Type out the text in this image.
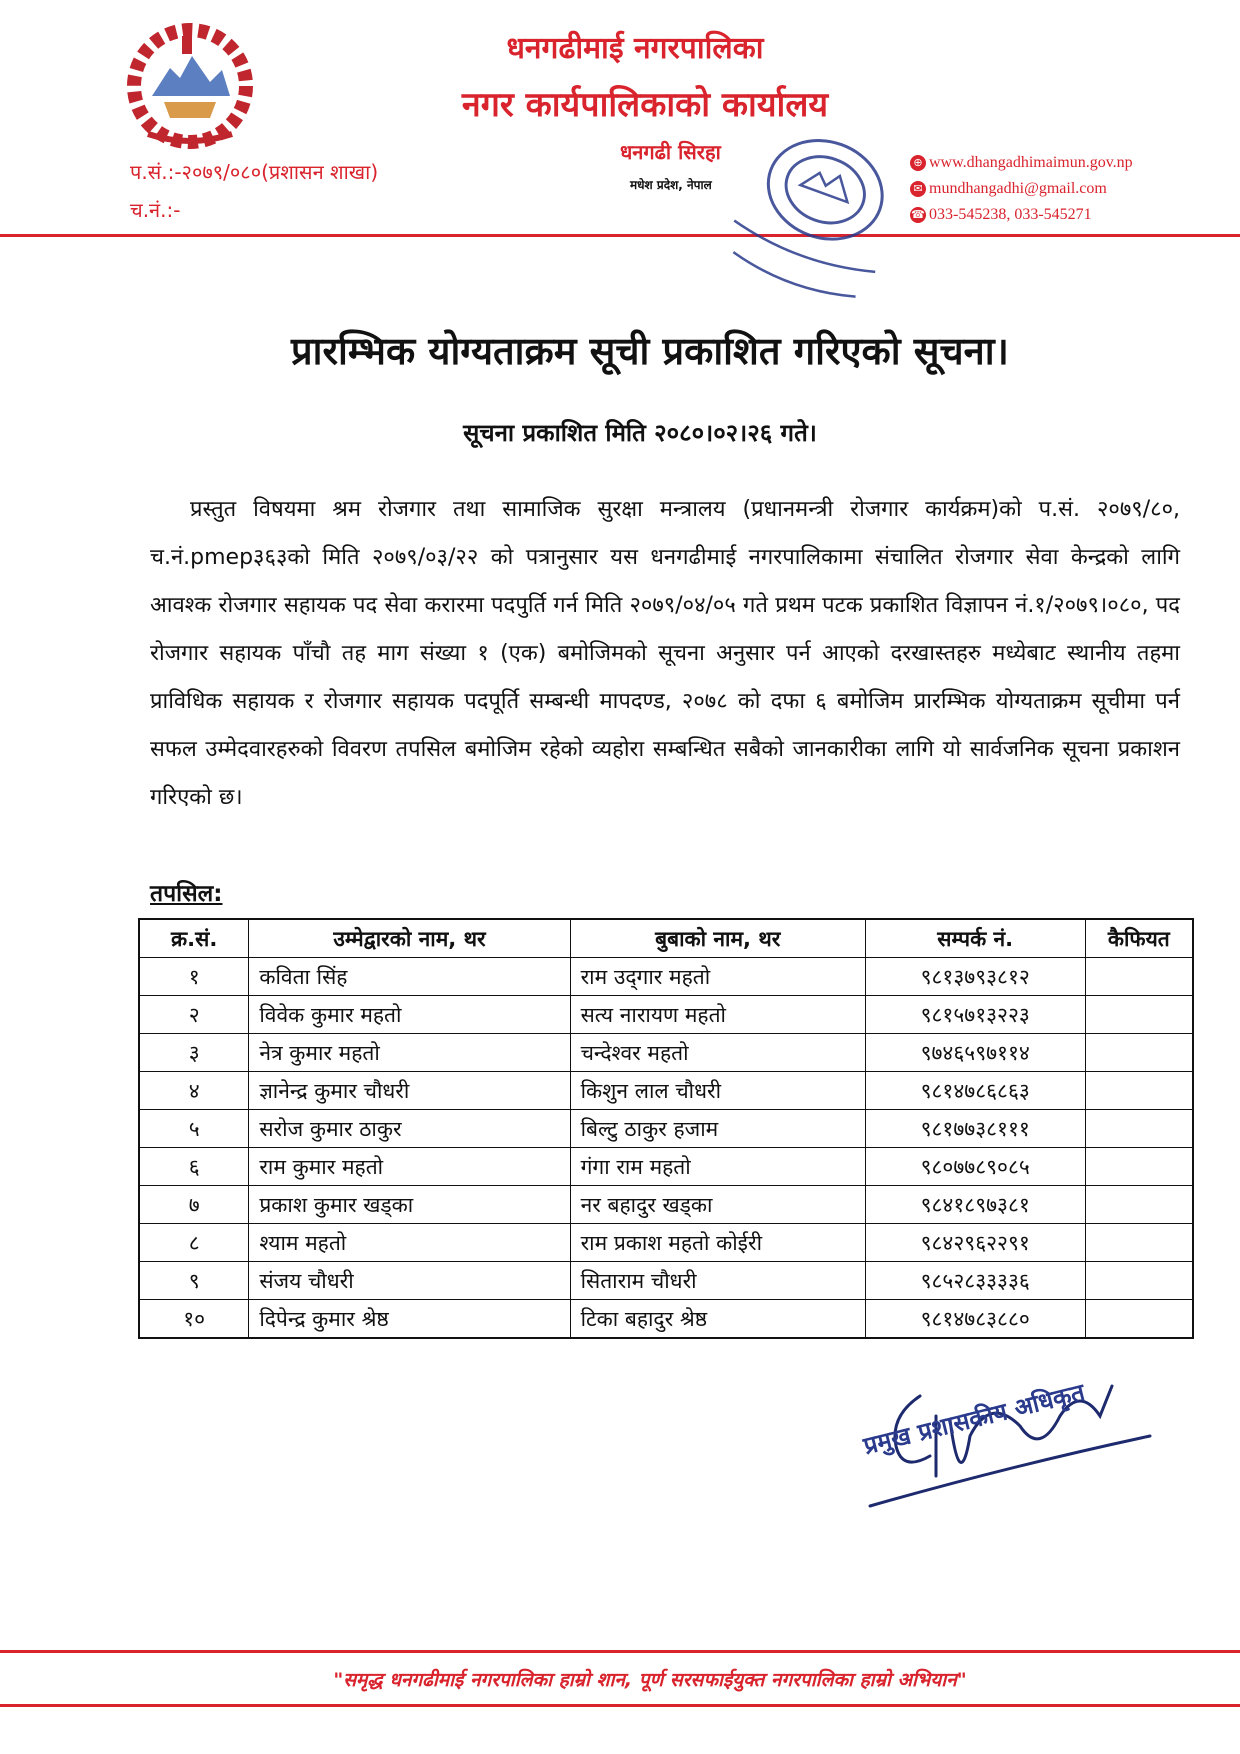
धनगढीमाई नगरपालिका
नगर कार्यपालिकाको कार्यालय
प.सं.:-२०७९/०८०(प्रशासन शाखा)
च.नं.:-
धनगढी सिरहा
मधेश प्रदेश, नेपाल
⊕ www.dhangadhimaimun.gov.np
✉ mundhangadhi@gmail.com
☎ 033-545238, 033-545271
प्रारम्भिक योग्यताक्रम सूची प्रकाशित गरिएको सूचना।
सूचना प्रकाशित मिति २०८०।०२।२६ गते।
प्रस्तुत विषयमा श्रम रोजगार तथा सामाजिक सुरक्षा मन्त्रालय (प्रधानमन्त्री रोजगार कार्यक्रम)को प.सं. २०७९/८०, च.नं.pmep३६३को मिति २०७९/०३/२२ को पत्रानुसार यस धनगढीमाई नगरपालिकामा संचालित रोजगार सेवा केन्द्रको लागि आवश्क रोजगार सहायक पद सेवा करारमा पदपुर्ति गर्न मिति २०७९/०४/०५ गते प्रथम पटक प्रकाशित विज्ञापन नं.१/२०७९।०८०, पद रोजगार सहायक पाँचौ तह माग संख्या १ (एक) बमोजिमको सूचना अनुसार पर्न आएको दरखास्तहरु मध्येबाट स्थानीय तहमा प्राविधिक सहायक र रोजगार सहायक पदपूर्ति सम्बन्धी मापदण्ड, २०७८ को दफा ६ बमोजिम प्रारम्भिक योग्यताक्रम सूचीमा पर्न सफल उम्मेदवारहरुको विवरण तपसिल बमोजिम रहेको व्यहोरा सम्बन्धित सबैको जानकारीका लागि यो सार्वजनिक सूचना प्रकाशन गरिएको छ।
तपसिल:
क्र.सं.	उम्मेद्वारको नाम, थर	बुबाको नाम, थर	सम्पर्क नं.	कैफियत
१	कविता सिंह	राम उद्‌गार महतो	९८१३७९३८१२	
२	विवेक कुमार महतो	सत्य नारायण महतो	९८१५७१३२२३	
३	नेत्र कुमार महतो	चन्देश्वर महतो	९७४६५९७११४	
४	ज्ञानेन्द्र कुमार चौधरी	किशुन लाल चौधरी	९८१४७८६८६३	
५	सरोज कुमार ठाकुर	बिल्टु ठाकुर हजाम	९८१७७३८१११	
६	राम कुमार महतो	गंगा राम महतो	९८०७७८९०८५	
७	प्रकाश कुमार खड्का	नर बहादुर खड्का	९८४१८९७३८१	
८	श्याम महतो	राम प्रकाश महतो कोईरी	९८४२९६२२९१	
९	संजय चौधरी	सिताराम चौधरी	९८५२८३३३३६	
१०	दिपेन्द्र कुमार श्रेष्ठ	टिका बहादुर श्रेष्ठ	९८१४७८३८८०	
प्रमुख प्रशासकीय अधिकृत
"समृद्ध धनगढीमाई नगरपालिका हाम्रो शान, पूर्ण सरसफाईयुक्त नगरपालिका हाम्रो अभियान"
